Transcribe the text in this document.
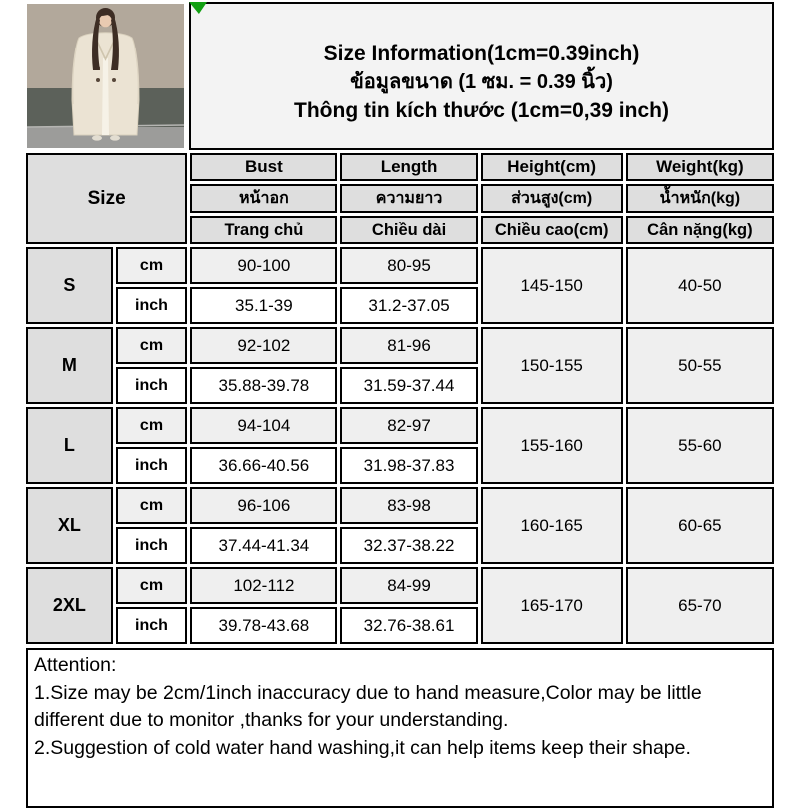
Size Information(1cm=0.39inch)
ข้อมูลขนาด (1 ซม. = 0.39 นิ้ว)
Thông tin kích thước (1cm=0,39 inch)
Size		Bust	Length	Height(cm)	Weight(kg)
		หน้าอก	ความยาว	ส่วนสูง(cm)	น้ำหนัก(kg)
		Trang chủ	Chiều dài	Chiều cao(cm)	Cân nặng(kg)
S	cm	90-100	80-95	145-150	40-50
	inch	35.1-39	31.2-37.05		
M	cm	92-102	81-96	150-155	50-55
	inch	35.88-39.78	31.59-37.44		
L	cm	94-104	82-97	155-160	55-60
	inch	36.66-40.56	31.98-37.83		
XL	cm	96-106	83-98	160-165	60-65
	inch	37.44-41.34	32.37-38.22		
2XL	cm	102-112	84-99	165-170	65-70
	inch	39.78-43.68	32.76-38.61		
Attention:
1.Size may be 2cm/1inch inaccuracy due to hand measure,Color may be little different due to monitor ,thanks for your understanding.
2.Suggestion of cold water hand washing,it can help items keep their shape.
